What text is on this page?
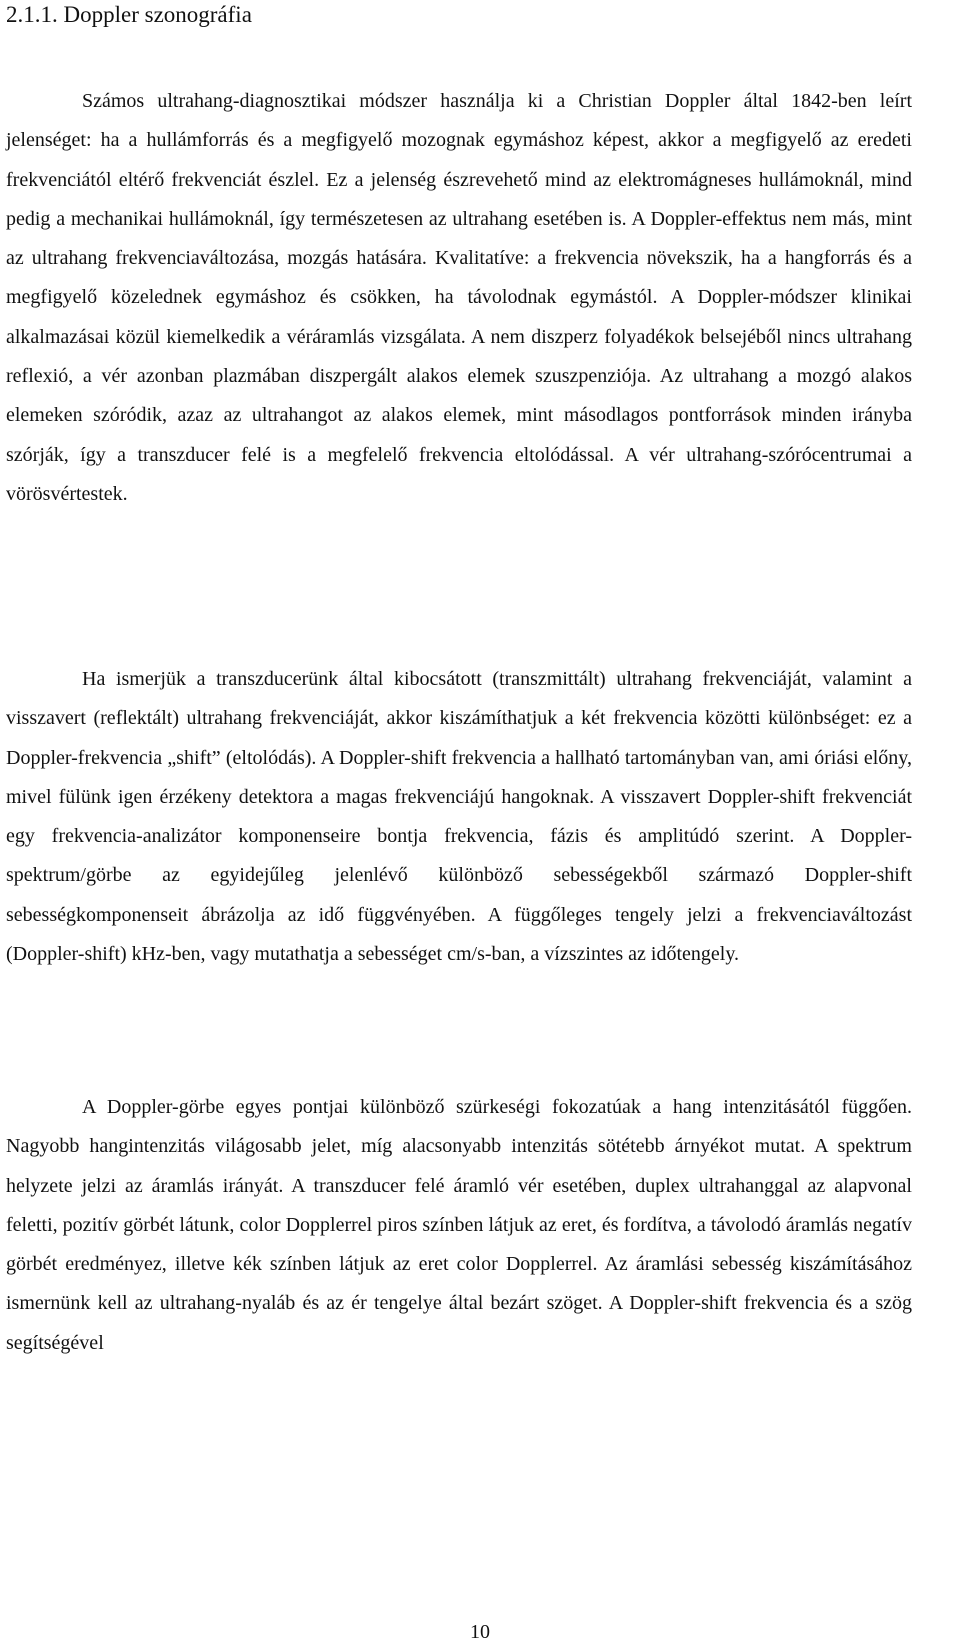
2.1.1. Doppler szonográfia

Számos ultrahang-diagnosztikai módszer használja ki a Christian Doppler által 1842-ben leírt jelenséget: ha a hullámforrás és a megfigyelő mozognak egymáshoz képest, akkor a megfigyelő az eredeti frekvenciától eltérő frekvenciát észlel. Ez a jelenség észrevehető mind az elektromágneses hullámoknál, mind pedig a mechanikai hullámoknál, így természetesen az ultrahang esetében is. A Doppler-effektus nem más, mint az ultrahang frekvenciaváltozása, mozgás hatására. Kvalitatíve: a frekvencia növekszik, ha a hangforrás és a megfigyelő közelednek egymáshoz és csökken, ha távolodnak egymástól. A Doppler-módszer klinikai alkalmazásai közül kiemelkedik a véráramlás vizsgálata. A nem diszperz folyadékok belsejéből nincs ultrahang reflexió, a vér azonban plazmában diszpergált alakos elemek szuszpenziója. Az ultrahang a mozgó alakos elemeken szóródik, azaz az ultrahangot az alakos elemek, mint másodlagos pontforrások minden irányba szórják, így a transzducer felé is a megfelelő frekvencia eltolódással. A vér ultrahang-szórócentrumai a vörösvértestek.

Ha ismerjük a transzducerünk által kibocsátott (transzmittált) ultrahang frekvenciáját, valamint a visszavert (reflektált) ultrahang frekvenciáját, akkor kiszámíthatjuk a két frekvencia közötti különbséget: ez a Doppler-frekvencia „shift” (eltolódás). A Doppler-shift frekvencia a hallható tartományban van, ami óriási előny, mivel fülünk igen érzékeny detektora a magas frekvenciájú hangoknak. A visszavert Doppler-shift frekvenciát egy frekvencia-analizátor komponenseire bontja frekvencia, fázis és amplitúdó szerint. A Doppler-spektrum/görbe az egyidejűleg jelenlévő különböző sebességekből származó Doppler-shift sebességkomponenseit ábrázolja az idő függvényében. A függőleges tengely jelzi a frekvenciaváltozást (Doppler-shift) kHz-ben, vagy mutathatja a sebességet cm/s-ban, a vízszintes az időtengely.

A Doppler-görbe egyes pontjai különböző szürkeségi fokozatúak a hang intenzitásától függően. Nagyobb hangintenzitás világosabb jelet, míg alacsonyabb intenzitás sötétebb árnyékot mutat. A spektrum helyzete jelzi az áramlás irányát. A transzducer felé áramló vér esetében, duplex ultrahanggal az alapvonal feletti, pozitív görbét látunk, color Dopplerrel piros színben látjuk az eret, és fordítva, a távolodó áramlás negatív görbét eredményez, illetve kék színben látjuk az eret color Dopplerrel. Az áramlási sebesség kiszámításához ismernünk kell az ultrahang-nyaláb és az ér tengelye által bezárt szöget. A Doppler-shift frekvencia és a szög segítségével

10
